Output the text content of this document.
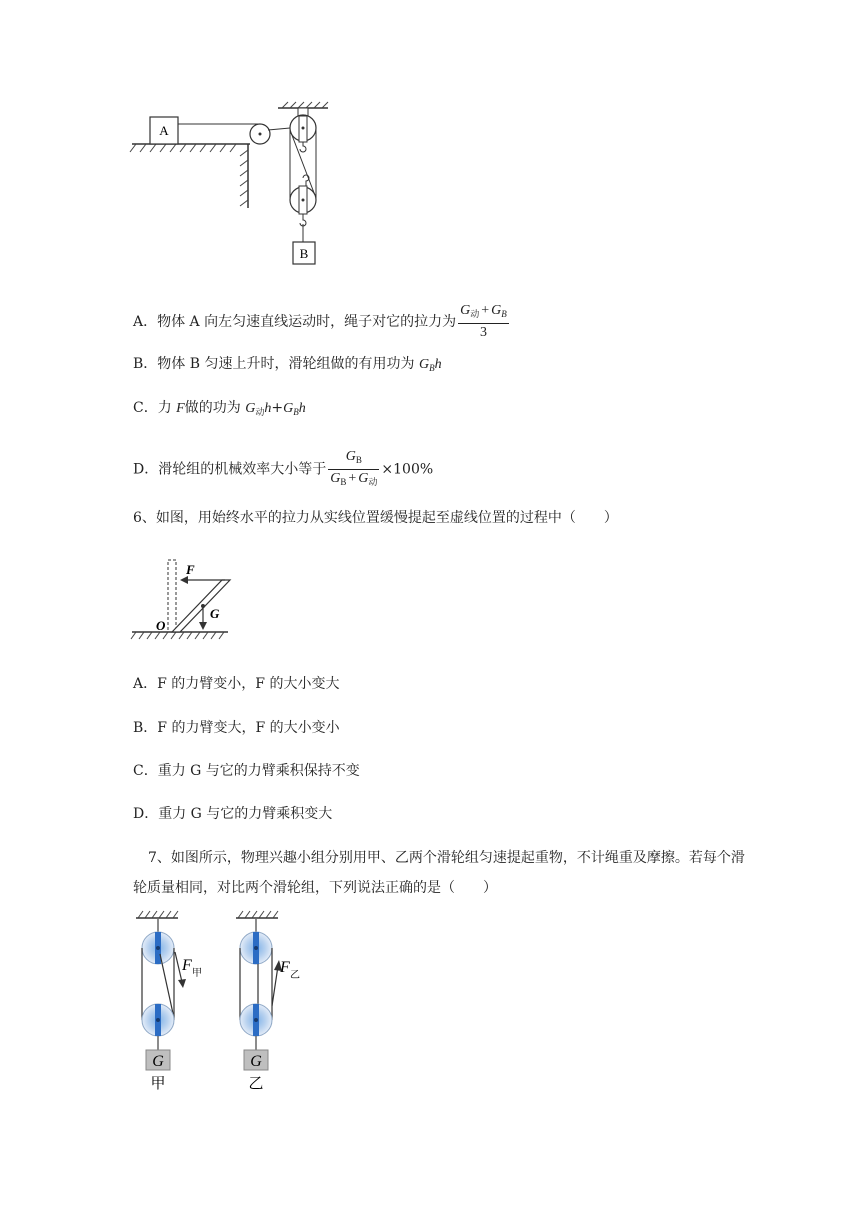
A
B
A．物体 A 向左匀速直线运动时，绳子对它的拉力为 $\frac{G_动 + G_B}{3}$
B．物体 B 匀速上升时，滑轮组做的有用功为 $G_Bh$
C．力 F做的功为 $G_动h+G_Bh$
D．滑轮组的机械效率大小等于 $\frac{G_B}{G_B + G_动} \times 100\%$
6、如图，用始终水平的拉力从实线位置缓慢提起至虚线位置的过程中（　　）
F
G
O
A．F 的力臂变小，F 的大小变大
B．F 的力臂变大，F 的大小变小
C．重力 G 与它的力臂乘积保持不变
D．重力 G 与它的力臂乘积变大
7、如图所示，物理兴趣小组分别用甲、乙两个滑轮组匀速提起重物，不计绳重及摩擦。若每个滑
轮质量相同，对比两个滑轮组，下列说法正确的是（　　）
F 甲
G
甲
F 乙
G
乙
